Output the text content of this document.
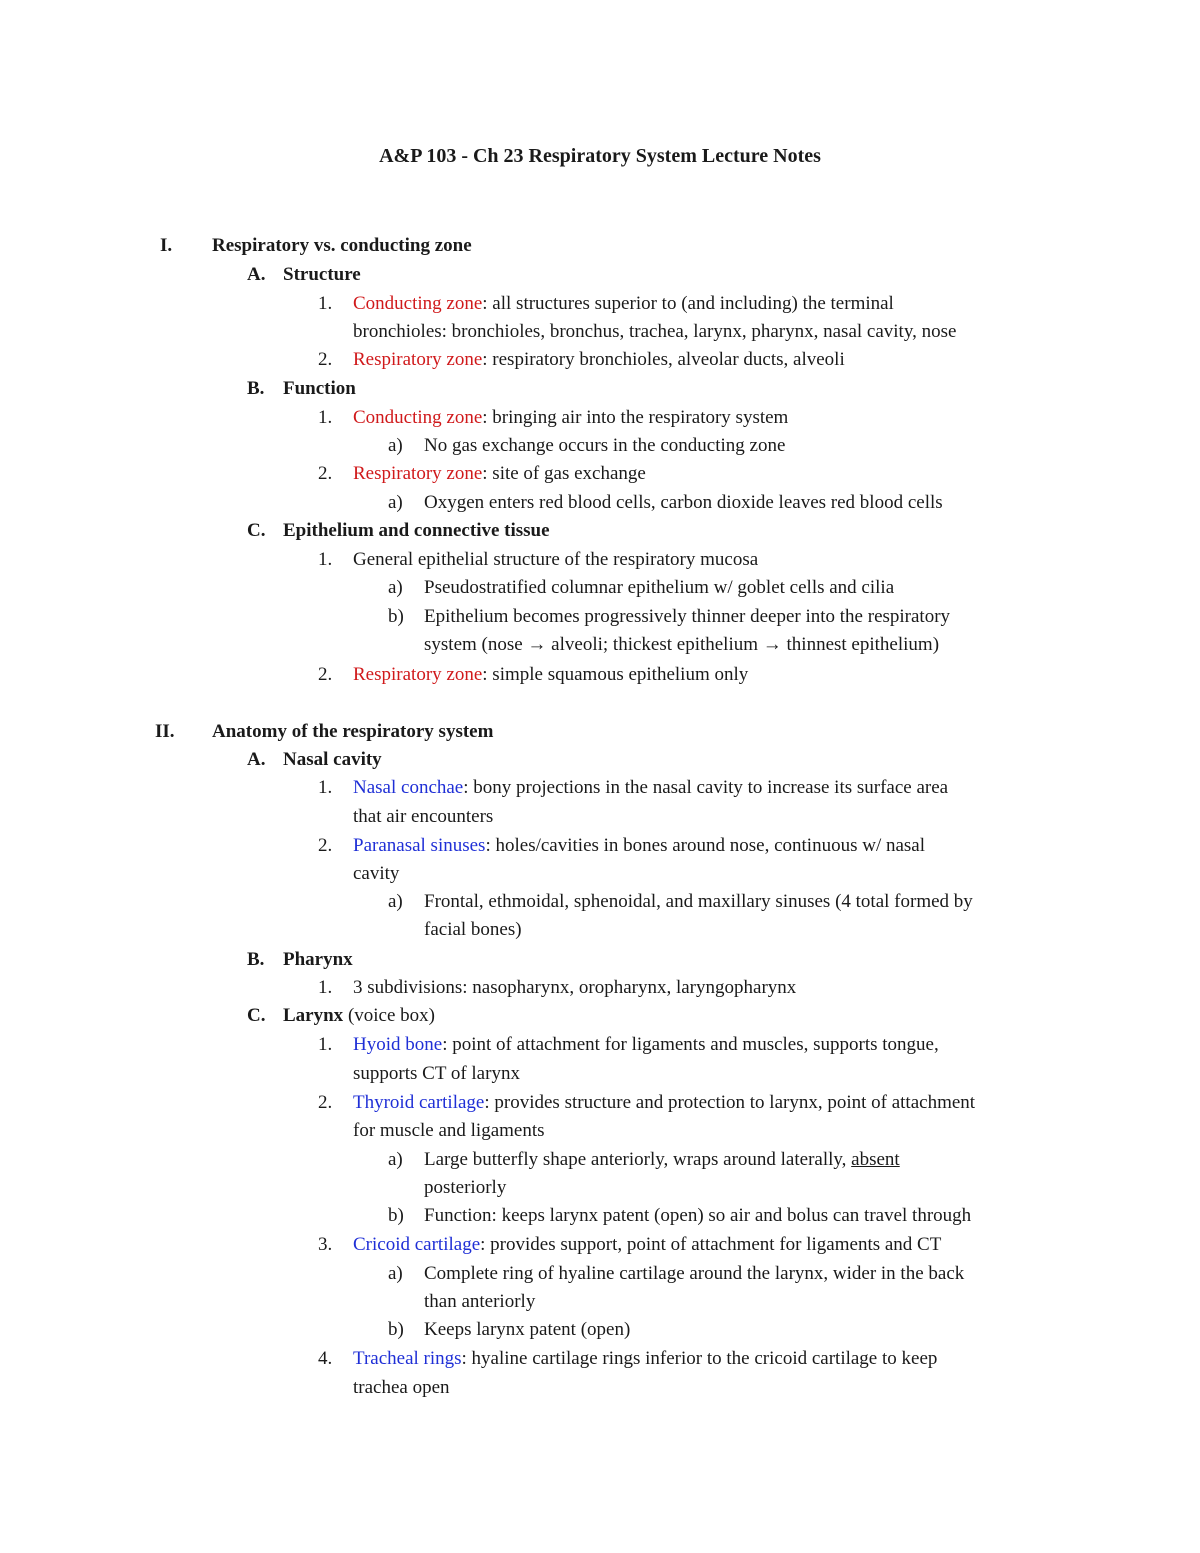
A&P 103 - Ch 23 Respiratory System Lecture Notes
I. Respiratory vs. conducting zone
A. Structure
1. Conducting zone: all structures superior to (and including) the terminal
bronchioles: bronchioles, bronchus, trachea, larynx, pharynx, nasal cavity, nose
2. Respiratory zone: respiratory bronchioles, alveolar ducts, alveoli
B. Function
1. Conducting zone: bringing air into the respiratory system
a) No gas exchange occurs in the conducting zone
2. Respiratory zone: site of gas exchange
a) Oxygen enters red blood cells, carbon dioxide leaves red blood cells
C. Epithelium and connective tissue
1. General epithelial structure of the respiratory mucosa
a) Pseudostratified columnar epithelium w/ goblet cells and cilia
b) Epithelium becomes progressively thinner deeper into the respiratory
system (nose → alveoli; thickest epithelium → thinnest epithelium)
2. Respiratory zone: simple squamous epithelium only
II. Anatomy of the respiratory system
A. Nasal cavity
1. Nasal conchae: bony projections in the nasal cavity to increase its surface area
that air encounters
2. Paranasal sinuses: holes/cavities in bones around nose, continuous w/ nasal
cavity
a) Frontal, ethmoidal, sphenoidal, and maxillary sinuses (4 total formed by
facial bones)
B. Pharynx
1. 3 subdivisions: nasopharynx, oropharynx, laryngopharynx
C. Larynx (voice box)
1. Hyoid bone: point of attachment for ligaments and muscles, supports tongue,
supports CT of larynx
2. Thyroid cartilage: provides structure and protection to larynx, point of attachment
for muscle and ligaments
a) Large butterfly shape anteriorly, wraps around laterally, absent
posteriorly
b) Function: keeps larynx patent (open) so air and bolus can travel through
3. Cricoid cartilage: provides support, point of attachment for ligaments and CT
a) Complete ring of hyaline cartilage around the larynx, wider in the back
than anteriorly
b) Keeps larynx patent (open)
4. Tracheal rings: hyaline cartilage rings inferior to the cricoid cartilage to keep
trachea open
